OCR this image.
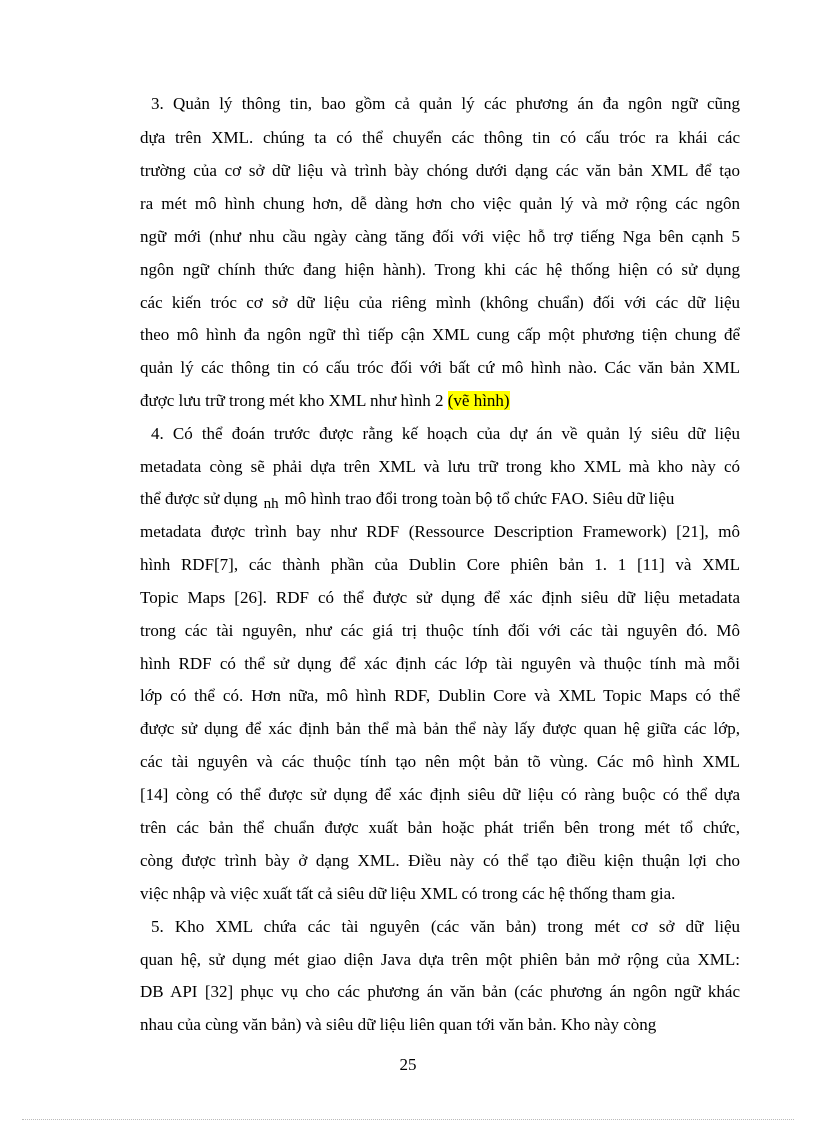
3. Quản lý thông tin, bao gồm cả quản lý các phương án đa ngôn ngữ cũng
dựa trên XML. chúng ta có thể chuyển các thông tin có cấu tróc ra khái các
trường của cơ sở dữ liệu và trình bày chóng dưới dạng các văn bản XML để tạo
ra mét mô hình chung hơn, dễ dàng hơn cho việc quản lý và mở rộng các ngôn
ngữ mới (như nhu cầu ngày càng tăng đối với việc hỗ trợ tiếng Nga bên cạnh 5
ngôn ngữ chính thức đang hiện hành). Trong khi các hệ thống hiện có sử dụng
các kiến tróc cơ sở dữ liệu của riêng mình (không chuẩn) đối với các dữ liệu
theo mô hình đa ngôn ngữ thì tiếp cận XML cung cấp một phương tiện chung để
quản lý các thông tin có cấu tróc đối với bất cứ mô hình nào. Các văn bản XML
được lưu trữ trong mét kho XML như hình 2 (vẽ hình)
4. Có thể đoán trước được rằng kế hoạch của dự án về quản lý siêu dữ liệu
metadata còng sẽ phải dựa trên XML và lưu trữ trong kho XML mà kho này có
thể được sử dụng nh mô hình trao đổi trong toàn bộ tổ chức FAO. Siêu dữ liệu
metadata được trình bay như RDF (Ressource Description Framework) [21], mô
hình RDF[7], các thành phần của Dublin Core phiên bản 1. 1 [11] và XML
Topic Maps [26]. RDF có thể được sử dụng để xác định siêu dữ liệu metadata
trong các tài nguyên, như các giá trị thuộc tính đối với các tài nguyên đó. Mô
hình RDF có thể sử dụng để xác định các lớp tài nguyên và thuộc tính mà mỗi
lớp có thể có. Hơn nữa, mô hình RDF, Dublin Core và XML Topic Maps có thể
được sử dụng để xác định bản thể mà bản thể này lấy được quan hệ giữa các lớp,
các tài nguyên và các thuộc tính tạo nên một bản tõ vùng. Các mô hình XML
[14] còng có thể được sử dụng để xác định siêu dữ liệu có ràng buộc có thể dựa
trên các bản thể chuẩn được xuất bản hoặc phát triển bên trong mét tổ chức,
còng được trình bày ở dạng XML. Điều này có thể tạo điều kiện thuận lợi cho
việc nhập và việc xuất tất cả siêu dữ liệu XML có trong các hệ thống tham gia.
5. Kho XML chứa các tài nguyên (các văn bản) trong mét cơ sở dữ liệu
quan hệ, sử dụng mét giao diện Java dựa trên một phiên bản mở rộng của XML:
DB API [32] phục vụ cho các phương án văn bản (các phương án ngôn ngữ khác
nhau của cùng văn bản) và siêu dữ liệu liên quan tới văn bản. Kho này còng
25
